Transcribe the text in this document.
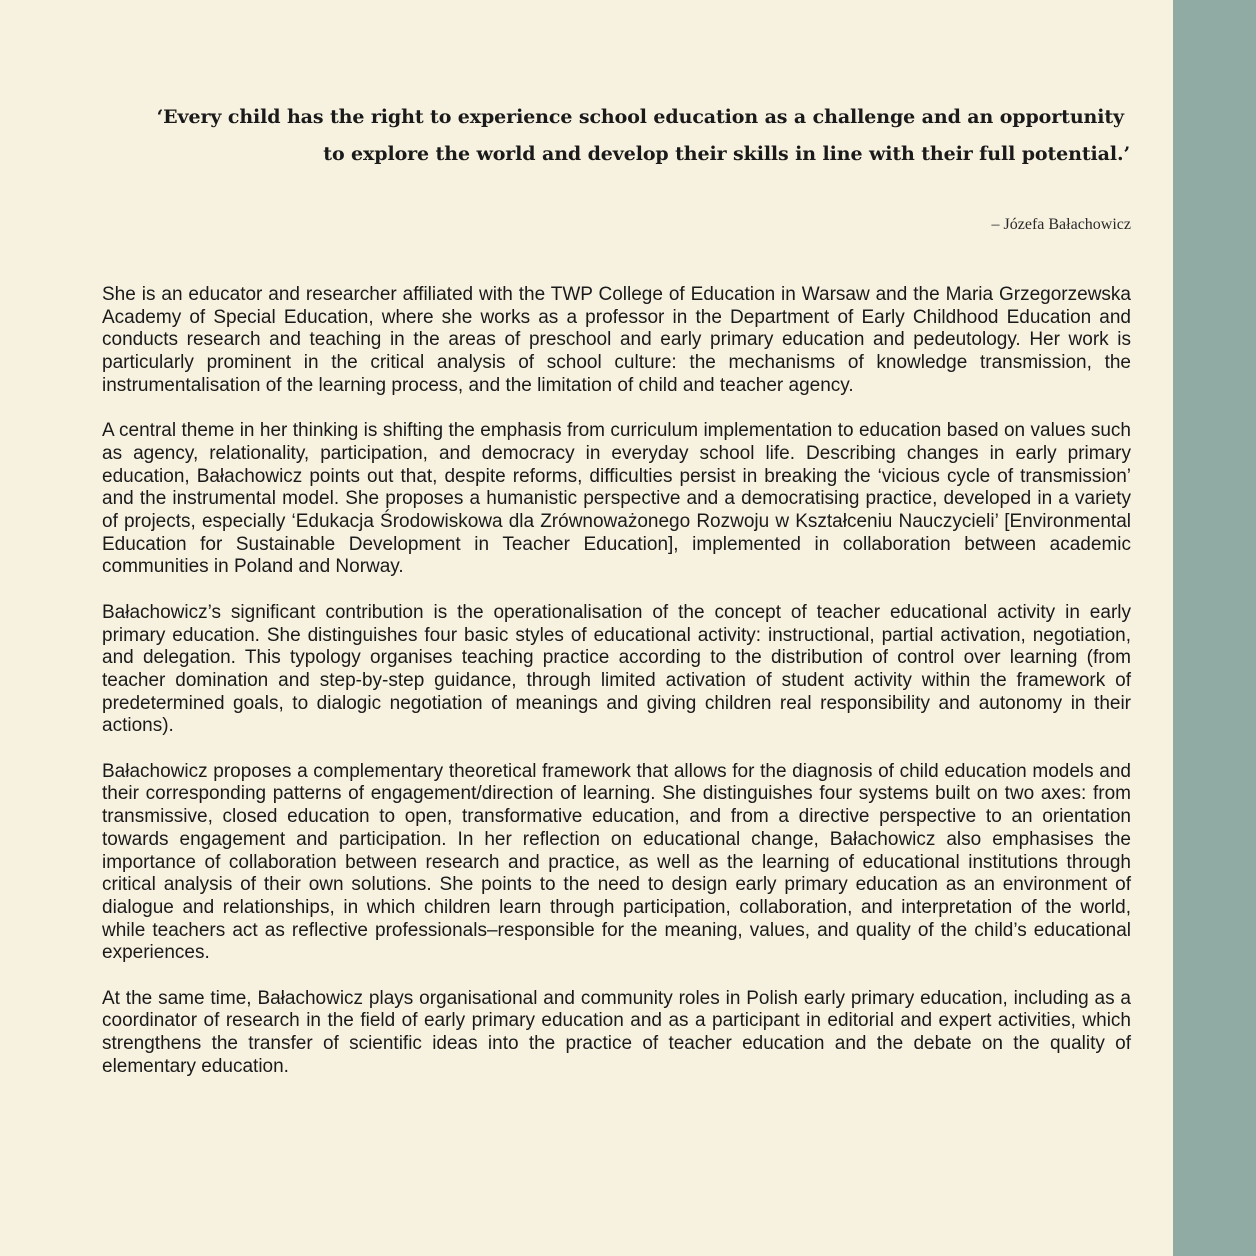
‘Every child has the right to experience school education as a challenge and an opportunity
to explore the world and develop their skills in line with their full potential.’

– Józefa Bałachowicz

She is an educator and researcher affiliated with the TWP College of Education in Warsaw and the Maria Grzegorzewska Academy of Special Education, where she works as a professor in the Department of Early Childhood Education and conducts research and teaching in the areas of preschool and early primary education and pedeutology. Her work is particularly prominent in the critical analysis of school culture: the mechanisms of knowledge transmission, the instrumentalisation of the learning process, and the limitation of child and teacher agency.

A central theme in her thinking is shifting the emphasis from curriculum implementation to education based on values such as agency, relationality, participation, and democracy in everyday school life. Describing changes in early primary education, Bałachowicz points out that, despite reforms, difficulties persist in breaking the ‘vicious cycle of transmission’ and the instrumental model. She proposes a humanistic perspective and a democratising practice, developed in a variety of projects, especially ‘Edukacja Środowiskowa dla Zrównoważonego Rozwoju w Kształceniu Nauczycieli’ [Environmental Education for Sustainable Development in Teacher Education], implemented in collaboration between academic communities in Poland and Norway.

Bałachowicz’s significant contribution is the operationalisation of the concept of teacher educational activity in early primary education. She distinguishes four basic styles of educational activity: instructional, partial activation, negotiation, and delegation. This typology organises teaching practice according to the distribution of control over learning (from teacher domination and step-by-step guidance, through limited activation of student activity within the framework of predetermined goals, to dialogic negotiation of meanings and giving children real responsibility and autonomy in their actions).

Bałachowicz proposes a complementary theoretical framework that allows for the diagnosis of child education models and their corresponding patterns of engagement/direction of learning. She distinguishes four systems built on two axes: from transmissive, closed education to open, transformative education, and from a directive perspective to an orientation towards engagement and participation. In her reflection on educational change, Bałachowicz also emphasises the importance of collaboration between research and practice, as well as the learning of educational institutions through critical analysis of their own solutions. She points to the need to design early primary education as an environment of dialogue and relationships, in which children learn through participation, collaboration, and interpretation of the world, while teachers act as reflective professionals–responsible for the meaning, values, and quality of the child’s educational experiences.

At the same time, Bałachowicz plays organisational and community roles in Polish early primary education, including as a coordinator of research in the field of early primary education and as a participant in editorial and expert activities, which strengthens the transfer of scientific ideas into the practice of teacher education and the debate on the quality of elementary education.
